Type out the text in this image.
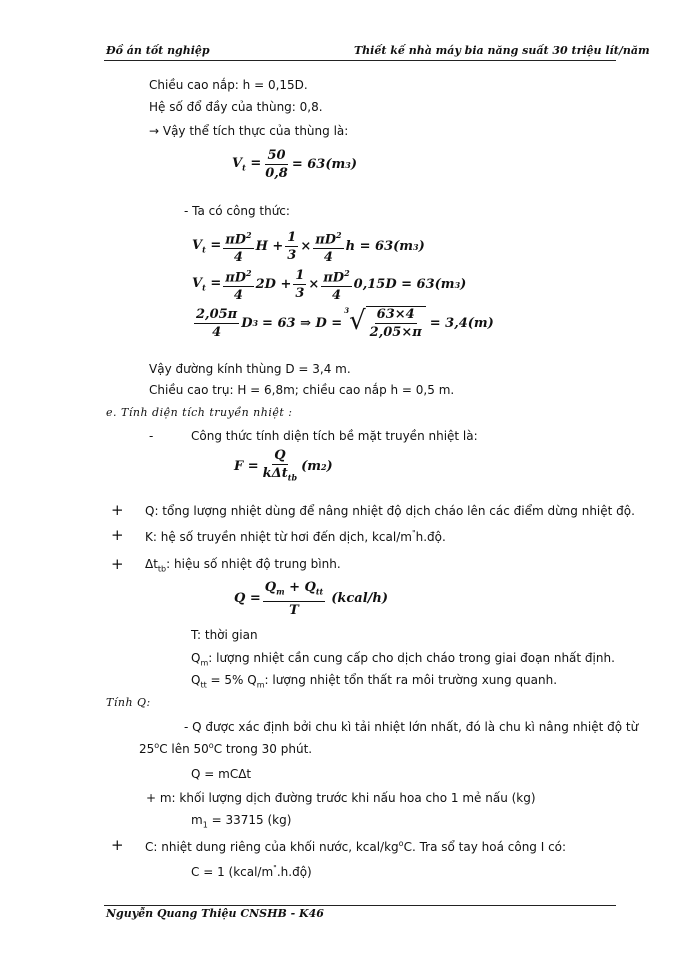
Đồ án tốt nghiệp	Thiết kế nhà máy bia năng suất 30 triệu lít/năm
Chiều cao nắp: h = 0,15D.
Hệ số đổ đầy của thùng: 0,8.
→ Vậy thể tích thực của thùng là:
$V_t = \frac{50}{0,8} = 63(m$ 3 )
- Ta có công thức:
$V_t = \frac{\pi D^2}{4}$ $H + \frac{1}{3} \times \frac{\pi D^2}{4}$ h = 63(m 3 )
$V_t = \frac{\pi D^2}{4} 2D + \frac{1}{3} \times \frac{\pi D^2}{4} 0,15D = 63(m$ 3 )
$\frac{2,05\pi}{4}$ D 3 = 63 ⇒ D =
3 √ $\frac{63\times 4}{2,05\times\pi} = 3,4(m)$
Vậy đường kính thùng D = 3,4 m.
Chiều cao trụ: H = 6,8m; chiều cao nắp h = 0,5 m.
e. Tính diện tích truyền nhiệt :
-	Công thức tính diện tích bề mặt truyền nhiệt là:
$F = \frac{Q}{k\Delta t_{tb}} (m$ 2 )
+ Q: tổng lượng nhiệt dùng để nâng nhiệt độ dịch cháo lên các điểm dừng nhiệt độ.
+ K: hệ số truyền nhiệt từ hơi đến dịch, kcal/m"h.độ.
+ $\Delta t_{tb}$: hiệu số nhiệt độ trung bình.
$Q = \frac{Q_m + Q_{tt}}{T}$ (kcal/h)
T: thời gian
$Q_m$: lượng nhiệt cần cung cấp cho dịch cháo trong giai đoạn nhất định.
$Q_{tt} = 5\%$ $Q_m$: lượng nhiệt tổn thất ra môi trường xung quanh.
Tính Q:
- Q được xác định bởi chu kì tải nhiệt lớn nhất, đó là chu kì nâng nhiệt độ từ
25$^o$C lên 50$^o$C trong 30 phút.
Q = mCΔt
+ m: khối lượng dịch đường trước khi nấu hoa cho 1 mẻ nấu (kg)
$m_1 = 33715$ (kg)
+ C: nhiệt dung riêng của khối nước, kcal/$kg^oC$. Tra sổ tay hoá công I có:
C = 1 (kcal/m".h.độ)
Nguyễn Quang Thiệu CNSHB - K46
